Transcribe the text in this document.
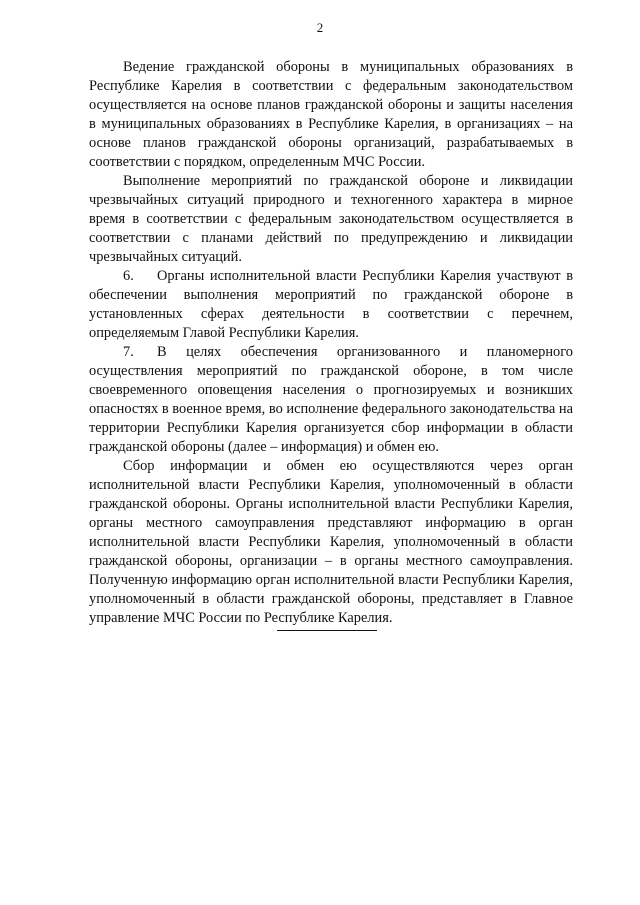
2

Ведение гражданской обороны в муниципальных образованиях в Республике Карелия в соответствии с федеральным законодательством осуществляется на основе планов гражданской обороны и защиты населения в муниципальных образованиях в Республике Карелия, в организациях – на основе планов гражданской обороны организаций, разрабатываемых в соответствии с порядком, определенным МЧС России.

Выполнение мероприятий по гражданской обороне и ликвидации чрезвычайных ситуаций природного и техногенного характера в мирное время в соответствии с федеральным законодательством осуществляется в соответствии с планами действий по предупреждению и ликвидации чрезвычайных ситуаций.

6. Органы исполнительной власти Республики Карелия участвуют в обеспечении выполнения мероприятий по гражданской обороне в установленных сферах деятельности в соответствии с перечнем, определяемым Главой Республики Карелия.

7. В целях обеспечения организованного и планомерного осуществления мероприятий по гражданской обороне, в том числе своевременного оповещения населения о прогнозируемых и возникших опасностях в военное время, во исполнение федерального законодательства на территории Республики Карелия организуется сбор информации в области гражданской обороны (далее – информация) и обмен ею.

Сбор информации и обмен ею осуществляются через орган исполнительной власти Республики Карелия, уполномоченный в области гражданской обороны. Органы исполнительной власти Республики Карелия, органы местного самоуправления представляют информацию в орган исполнительной власти Республики Карелия, уполномоченный в области гражданской обороны, организации – в органы местного самоуправления. Полученную информацию орган исполнительной власти Республики Карелия, уполномоченный в области гражданской обороны, представляет в Главное управление МЧС России по Республике Карелия.
